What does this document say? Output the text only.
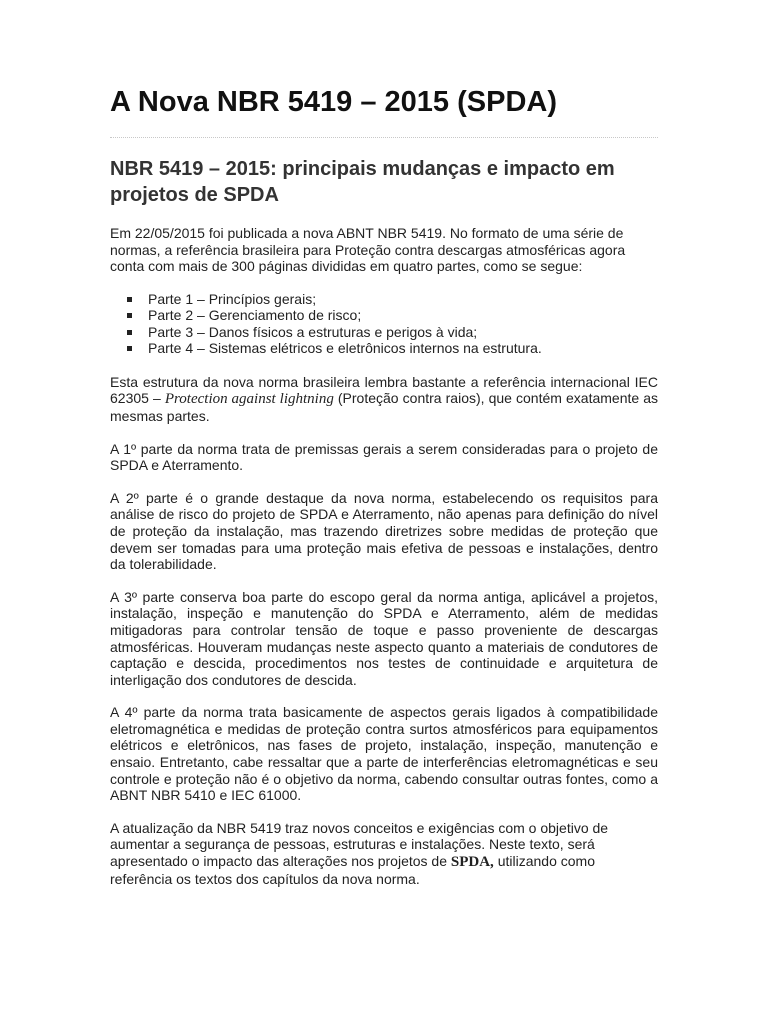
A Nova NBR 5419 – 2015 (SPDA)
NBR 5419 – 2015: principais mudanças e impacto em projetos de SPDA

Em 22/05/2015 foi publicada a nova ABNT NBR 5419. No formato de uma série de normas, a referência brasileira para Proteção contra descargas atmosféricas agora conta com mais de 300 páginas divididas em quatro partes, como se segue:

Parte 1 – Princípios gerais;
Parte 2 – Gerenciamento de risco;
Parte 3 – Danos físicos a estruturas e perigos à vida;
Parte 4 – Sistemas elétricos e eletrônicos internos na estrutura.

Esta estrutura da nova norma brasileira lembra bastante a referência internacional IEC 62305 – Protection against lightning (Proteção contra raios), que contém exatamente as mesmas partes.

A 1º parte da norma trata de premissas gerais a serem consideradas para o projeto de SPDA e Aterramento.

A 2º parte é o grande destaque da nova norma, estabelecendo os requisitos para análise de risco do projeto de SPDA e Aterramento, não apenas para definição do nível de proteção da instalação, mas trazendo diretrizes sobre medidas de proteção que devem ser tomadas para uma proteção mais efetiva de pessoas e instalações, dentro da tolerabilidade.

A 3º parte conserva boa parte do escopo geral da norma antiga, aplicável a projetos, instalação, inspeção e manutenção do SPDA e Aterramento, além de medidas mitigadoras para controlar tensão de toque e passo proveniente de descargas atmosféricas. Houveram mudanças neste aspecto quanto a materiais de condutores de captação e descida, procedimentos nos testes de continuidade e arquitetura de interligação dos condutores de descida.

A 4º parte da norma trata basicamente de aspectos gerais ligados à compatibilidade eletromagnética e medidas de proteção contra surtos atmosféricos para equipamentos elétricos e eletrônicos, nas fases de projeto, instalação, inspeção, manutenção e ensaio. Entretanto, cabe ressaltar que a parte de interferências eletromagnéticas e seu controle e proteção não é o objetivo da norma, cabendo consultar outras fontes, como a ABNT NBR 5410 e IEC 61000.

A atualização da NBR 5419 traz novos conceitos e exigências com o objetivo de aumentar a segurança de pessoas, estruturas e instalações. Neste texto, será apresentado o impacto das alterações nos projetos de SPDA, utilizando como referência os textos dos capítulos da nova norma.
